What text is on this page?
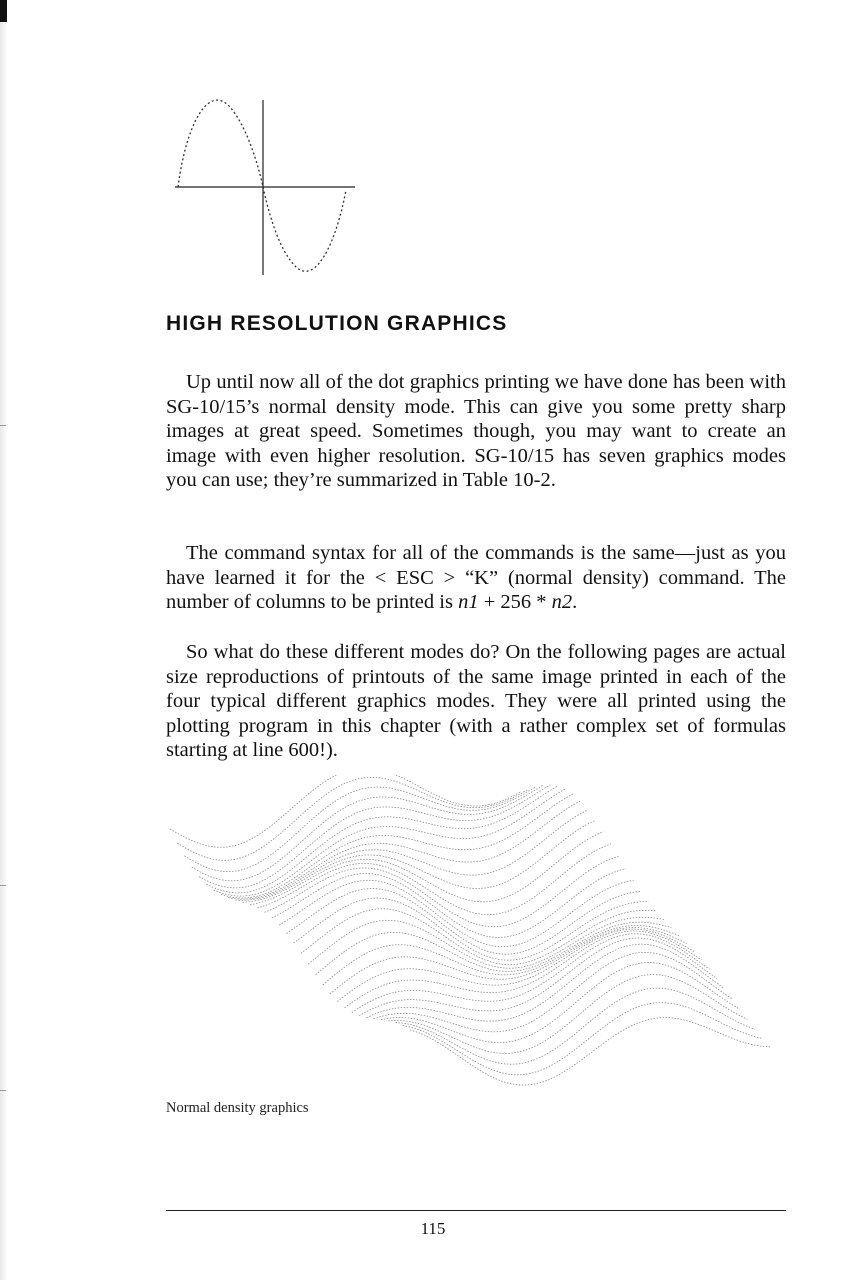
HIGH RESOLUTION GRAPHICS

Up until now all of the dot graphics printing we have done has been with SG-10/15’s normal density mode. This can give you some pretty sharp images at great speed. Sometimes though, you may want to create an image with even higher resolution. SG-10/15 has seven graphics modes you can use; they’re summarized in Table 10-2.

The command syntax for all of the commands is the same—just as you have learned it for the < ESC > “K” (normal density) command. The number of columns to be printed is n1 + 256 * n2.

So what do these different modes do? On the following pages are actual size reproductions of printouts of the same image printed in each of the four typical different graphics modes. They were all printed using the plotting program in this chapter (with a rather complex set of formulas starting at line 600!).

Normal density graphics
115
